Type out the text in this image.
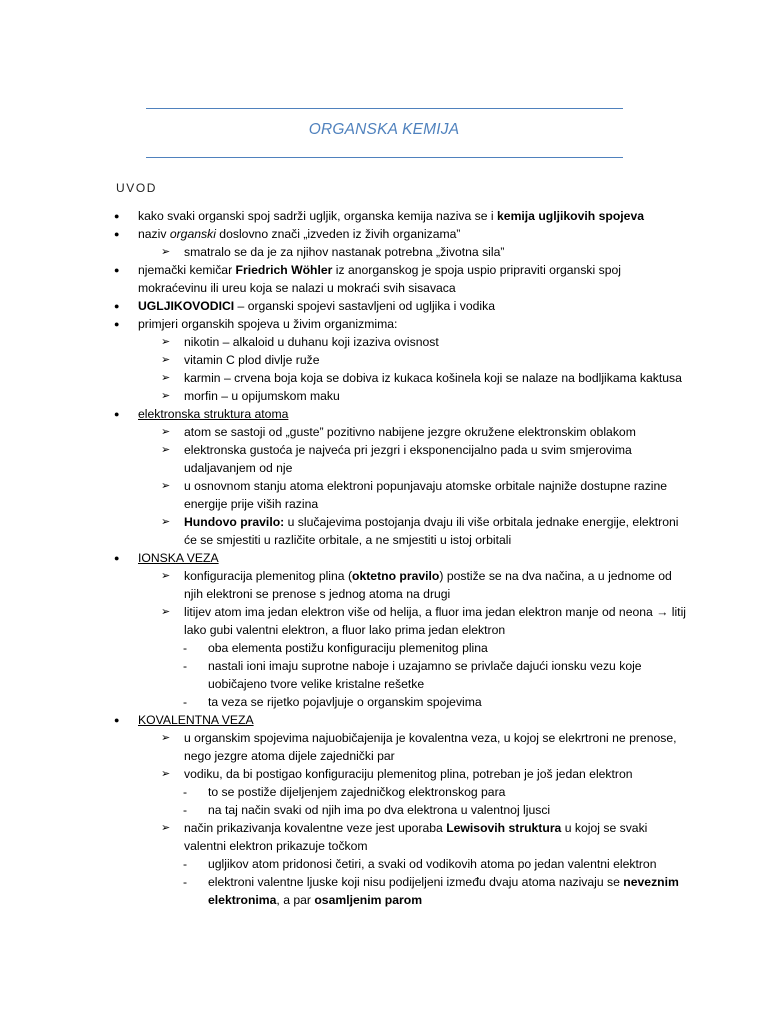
ORGANSKA KEMIJA
UVOD
● kako svaki organski spoj sadrži ugljik, organska kemija naziva se i kemija ugljikovih spojeva
● naziv organski doslovno znači „izveden iz živih organizama”
➢ smatralo se da je za njihov nastanak potrebna „životna sila”
● njemački kemičar Friedrich Wöhler iz anorganskog je spoja uspio pripraviti organski spoj mokraćevinu ili ureu koja se nalazi u mokraći svih sisavaca
● UGLJIKOVODICI – organski spojevi sastavljeni od ugljika i vodika
● primjeri organskih spojeva u živim organizmima:
➢ nikotin – alkaloid u duhanu koji izaziva ovisnost
➢ vitamin C plod divlje ruže
➢ karmin – crvena boja koja se dobiva iz kukaca košinela koji se nalaze na bodljikama kaktusa
➢ morfin – u opijumskom maku
● elektronska struktura atoma
➢ atom se sastoji od „guste” pozitivno nabijene jezgre okružene elektronskim oblakom
➢ elektronska gustoća je najveća pri jezgri i eksponencijalno pada u svim smjerovima udaljavanjem od nje
➢ u osnovnom stanju atoma elektroni popunjavaju atomske orbitale najniže dostupne razine energije prije viših razina
➢ Hundovo pravilo: u slučajevima postojanja dvaju ili više orbitala jednake energije, elektroni će se smjestiti u različite orbitale, a ne smjestiti u istoj orbitali
● IONSKA VEZA
➢ konfiguracija plemenitog plina (oktetno pravilo) postiže se na dva načina, a u jednome od njih elektroni se prenose s jednog atoma na drugi
➢ litijev atom ima jedan elektron više od helija, a fluor ima jedan elektron manje od neona → litij lako gubi valentni elektron, a fluor lako prima jedan elektron
- oba elementa postižu konfiguraciju plemenitog plina
- nastali ioni imaju suprotne naboje i uzajamno se privlače dajući ionsku vezu koje uobičajeno tvore velike kristalne rešetke
- ta veza se rijetko pojavljuje o organskim spojevima
● KOVALENTNA VEZA
➢ u organskim spojevima najuobičajenija je kovalentna veza, u kojoj se elekrtroni ne prenose, nego jezgre atoma dijele zajednički par
➢ vodiku, da bi postigao konfiguraciju plemenitog plina, potreban je još jedan elektron
- to se postiže dijeljenjem zajedničkog elektronskog para
- na taj način svaki od njih ima po dva elektrona u valentnoj ljusci
➢ način prikazivanja kovalentne veze jest uporaba Lewisovih struktura u kojoj se svaki valentni elektron prikazuje točkom
- ugljikov atom pridonosi četiri, a svaki od vodikovih atoma po jedan valentni elektron
- elektroni valentne ljuske koji nisu podijeljeni između dvaju atoma nazivaju se neveznim elektronima, a par osamljenim parom
